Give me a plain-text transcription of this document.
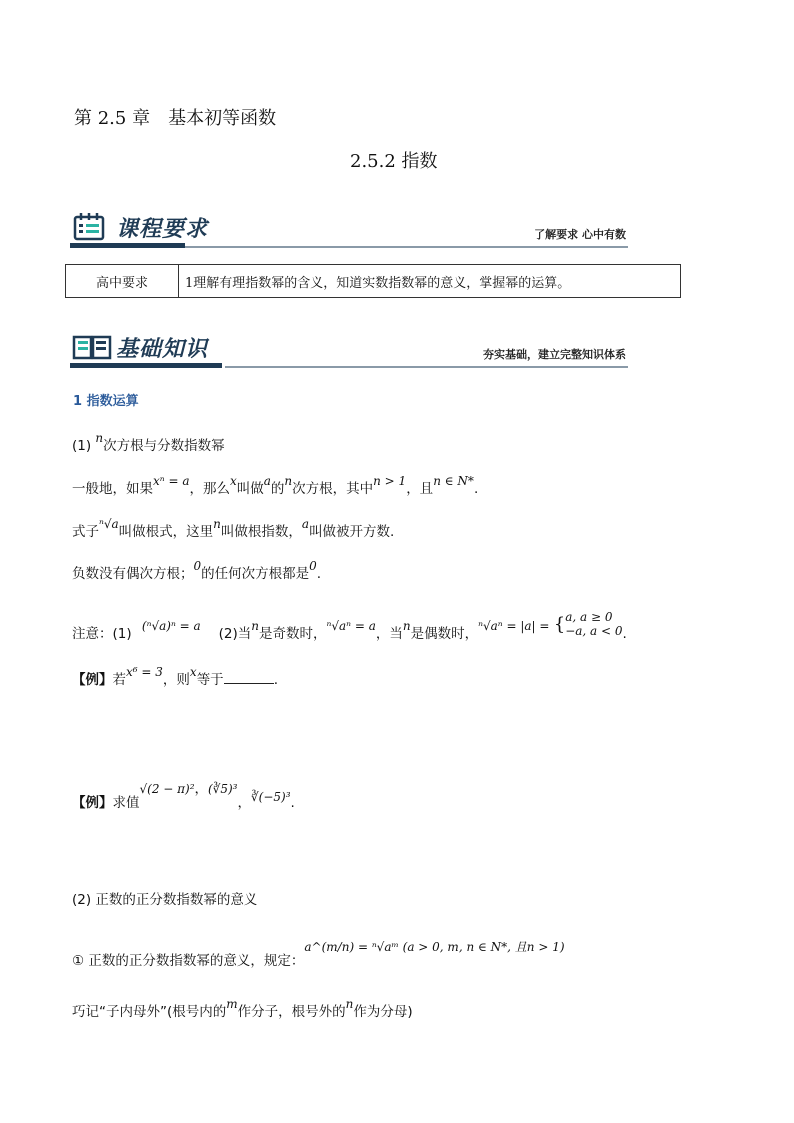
第 2.5 章　基本初等函数
2.5.2 指数
课程要求	了解要求 心中有数
高中要求	1理解有理指数幂的含义，知道实数指数幂的意义，掌握幂的运算。
基础知识	夯实基础，建立完整知识体系
1 指数运算
(1) n次方根与分数指数幂
一般地，如果xⁿ = a，那么x叫做a的n次方根，其中n > 1，且n ∈ N*.
式子ⁿ√a叫做根式，这里n叫做根指数，a叫做被开方数.
负数没有偶次方根；0的任何次方根都是0.
注意：(1) (ⁿ√a)ⁿ = a (2)当n是奇数时，ⁿ√aⁿ = a，当n是偶数时，ⁿ√aⁿ = |a| = { a, a ≥ 0
−a, a < 0 .
【例】若x⁶ = 3，则x等于	.
【例】求值√(2 − π)²，(∛5)³，∛(−5)³.
(2) 正数的正分数指数幂的意义
① 正数的正分数指数幂的意义，规定：a^(m/n) = ⁿ√aᵐ (a > 0, m, n ∈ N*, 且n > 1)
巧记“子内母外”(根号内的m作分子，根号外的n作为分母)
